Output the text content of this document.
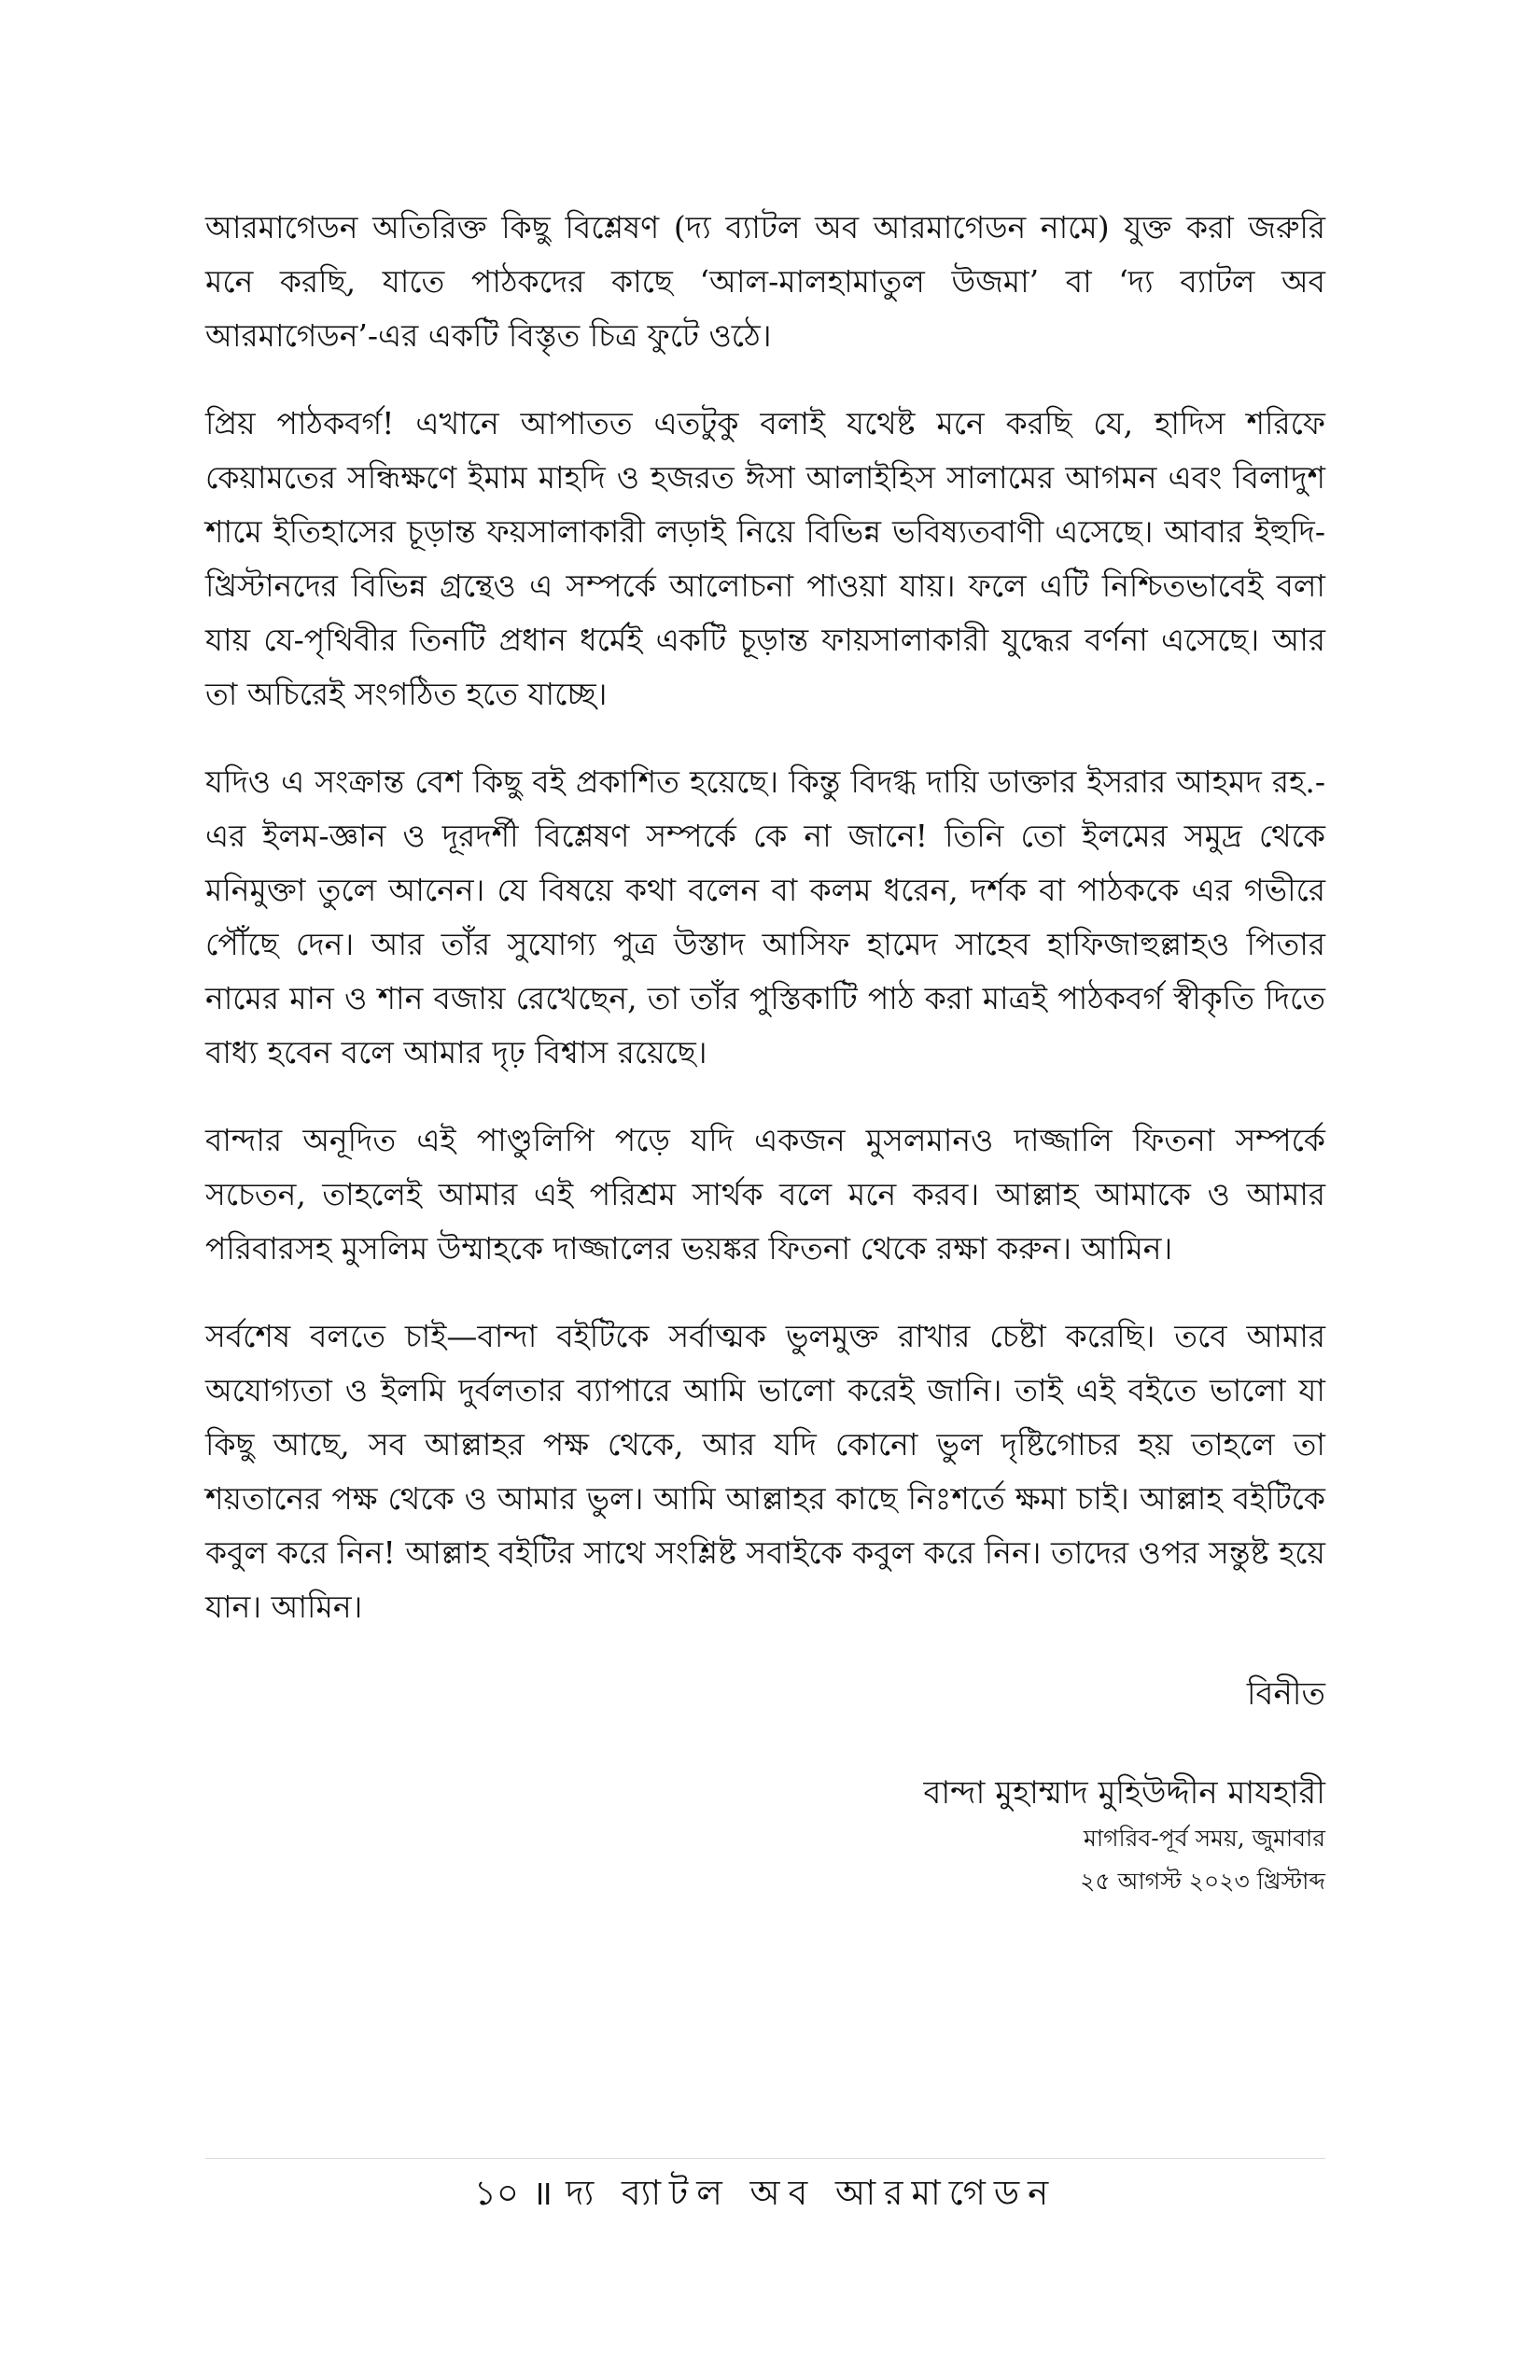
আরমাগেডন অতিরিক্ত কিছু বিশ্লেষণ (দ্য ব্যাটল অব আরমাগেডন নামে) যুক্ত করা জরুরি মনে করছি, যাতে পাঠকদের কাছে ‘আল-মালহামাতুল উজমা’ বা ‘দ্য ব্যাটল অব আরমাগেডন’-এর একটি বিস্তৃত চিত্র ফুটে ওঠে।

প্রিয় পাঠকবর্গ! এখানে আপাতত এতটুকু বলাই যথেষ্ট মনে করছি যে, হাদিস শরিফে কেয়ামতের সন্ধিক্ষণে ইমাম মাহদি ও হজরত ঈসা আলাইহিস সালামের আগমন এবং বিলাদুশ শামে ইতিহাসের চূড়ান্ত ফয়সালাকারী লড়াই নিয়ে বিভিন্ন ভবিষ্যতবাণী এসেছে। আবার ইহুদি-খ্রিস্টানদের বিভিন্ন গ্রন্থেও এ সম্পর্কে আলোচনা পাওয়া যায়। ফলে এটি নিশ্চিতভাবেই বলা যায় যে-পৃথিবীর তিনটি প্রধান ধর্মেই একটি চূড়ান্ত ফায়সালাকারী যুদ্ধের বর্ণনা এসেছে। আর তা অচিরেই সংগঠিত হতে যাচ্ছে।

যদিও এ সংক্রান্ত বেশ কিছু বই প্রকাশিত হয়েছে। কিন্তু বিদগ্ধ দায়ি ডাক্তার ইসরার আহমদ রহ.-এর ইলম-জ্ঞান ও দূরদর্শী বিশ্লেষণ সম্পর্কে কে না জানে! তিনি তো ইলমের সমুদ্র থেকে মনিমুক্তা তুলে আনেন। যে বিষয়ে কথা বলেন বা কলম ধরেন, দর্শক বা পাঠককে এর গভীরে পৌঁছে দেন। আর তাঁর সুযোগ্য পুত্র উস্তাদ আসিফ হামেদ সাহেব হাফিজাহুল্লাহও পিতার নামের মান ও শান বজায় রেখেছেন, তা তাঁর পুস্তিকাটি পাঠ করা মাত্রই পাঠকবর্গ স্বীকৃতি দিতে বাধ্য হবেন বলে আমার দৃঢ় বিশ্বাস রয়েছে।

বান্দার অনূদিত এই পাণ্ডুলিপি পড়ে যদি একজন মুসলমানও দাজ্জালি ফিতনা সম্পর্কে সচেতন, তাহলেই আমার এই পরিশ্রম সার্থক বলে মনে করব। আল্লাহ আমাকে ও আমার পরিবারসহ মুসলিম উম্মাহকে দাজ্জালের ভয়ঙ্কর ফিতনা থেকে রক্ষা করুন। আমিন।

সর্বশেষ বলতে চাই—বান্দা বইটিকে সর্বাত্মক ভুলমুক্ত রাখার চেষ্টা করেছি। তবে আমার অযোগ্যতা ও ইলমি দুর্বলতার ব্যাপারে আমি ভালো করেই জানি। তাই এই বইতে ভালো যা কিছু আছে, সব আল্লাহর পক্ষ থেকে, আর যদি কোনো ভুল দৃষ্টিগোচর হয় তাহলে তা শয়তানের পক্ষ থেকে ও আমার ভুল। আমি আল্লাহর কাছে নিঃশর্তে ক্ষমা চাই। আল্লাহ বইটিকে কবুল করে নিন! আল্লাহ বইটির সাথে সংশ্লিষ্ট সবাইকে কবুল করে নিন। তাদের ওপর সন্তুষ্ট হয়ে যান। আমিন।

বিনীত
বান্দা মুহাম্মাদ মুহিউদ্দীন মাযহারী
মাগরিব-পূর্ব সময়, জুমাবার
২৫ আগস্ট ২০২৩ খ্রিস্টাব্দ
১০ ॥ দ্য ব্যাটল অব আরমাগেডন
